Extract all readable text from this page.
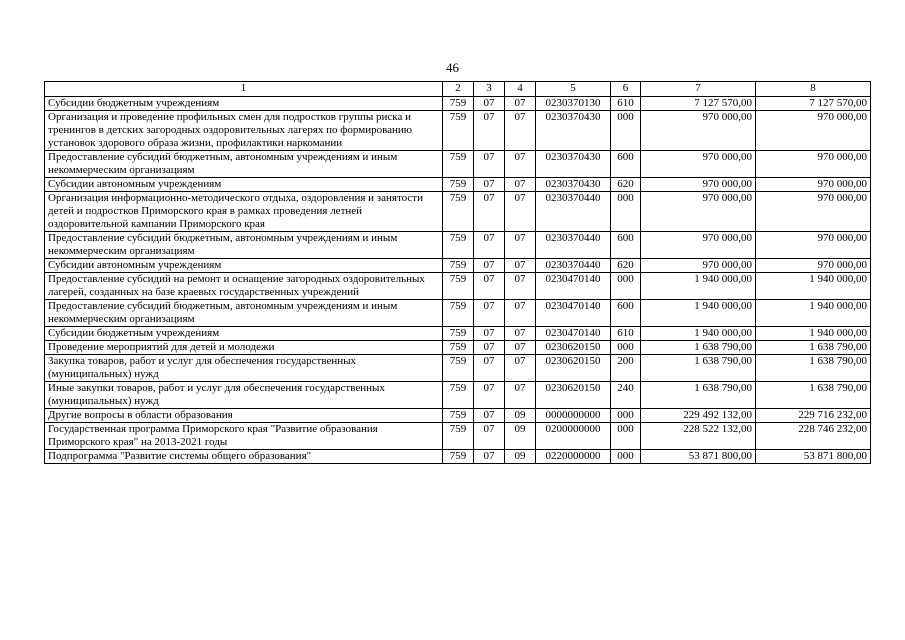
46
1	2	3	4	5	6	7	8
Субсидии бюджетным учреждениям	759	07	07	0230370130	610	7 127 570,00	7 127 570,00
Организация и проведение профильных смен для подростков группы риска и тренингов в детских загородных оздоровительных лагерях по формированию установок здорового образа жизни, профилактики наркомании	759	07	07	0230370430	000	970 000,00	970 000,00
Предоставление субсидий бюджетным, автономным учреждениям и иным некоммерческим организациям	759	07	07	0230370430	600	970 000,00	970 000,00
Субсидии автономным учреждениям	759	07	07	0230370430	620	970 000,00	970 000,00
Организация информационно-методического отдыха, оздоровления и занятости детей и подростков Приморского края в рамках проведения летней оздоровительной кампании Приморского края	759	07	07	0230370440	000	970 000,00	970 000,00
Предоставление субсидий бюджетным, автономным учреждениям и иным некоммерческим организациям	759	07	07	0230370440	600	970 000,00	970 000,00
Субсидии автономным учреждениям	759	07	07	0230370440	620	970 000,00	970 000,00
Предоставление субсидий на ремонт и оснащение загородных оздоровительных лагерей, созданных на базе краевых государственных учреждений	759	07	07	0230470140	000	1 940 000,00	1 940 000,00
Предоставление субсидий бюджетным, автономным учреждениям и иным некоммерческим организациям	759	07	07	0230470140	600	1 940 000,00	1 940 000,00
Субсидии бюджетным учреждениям	759	07	07	0230470140	610	1 940 000,00	1 940 000,00
Проведение мероприятий для детей и молодежи	759	07	07	0230620150	000	1 638 790,00	1 638 790,00
Закупка товаров, работ и услуг для обеспечения государственных (муниципальных) нужд	759	07	07	0230620150	200	1 638 790,00	1 638 790,00
Иные закупки товаров, работ и услуг для обеспечения государственных (муниципальных) нужд	759	07	07	0230620150	240	1 638 790,00	1 638 790,00
Другие вопросы в области образования	759	07	09	0000000000	000	229 492 132,00	229 716 232,00
Государственная программа Приморского края "Развитие образования Приморского края" на 2013-2021 годы	759	07	09	0200000000	000	228 522 132,00	228 746 232,00
Подпрограмма "Развитие системы общего образования"	759	07	09	0220000000	000	53 871 800,00	53 871 800,00
